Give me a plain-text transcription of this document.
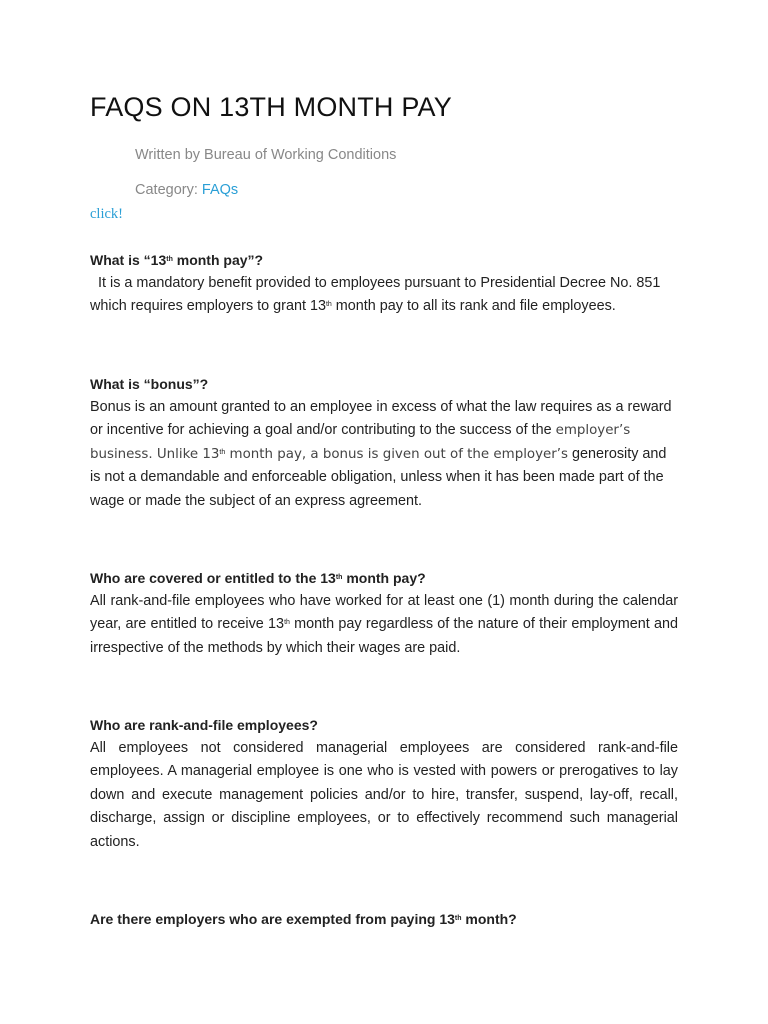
FAQS ON 13TH MONTH PAY
Written by Bureau of Working Conditions
Category: FAQs
click!

What is “13th month pay”?

It is a mandatory benefit provided to employees pursuant to Presidential Decree No. 851 which requires employers to grant 13th month pay to all its rank and file employees.

What is “bonus”?

Bonus is an amount granted to an employee in excess of what the law requires as a reward or incentive for achieving a goal and/or contributing to the success of the employer’s business. Unlike 13th month pay, a bonus is given out of the employer’s generosity and is not a demandable and enforceable obligation, unless when it has been made part of the wage or made the subject of an express agreement.

Who are covered or entitled to the 13th month pay?

All rank-and-file employees who have worked for at least one (1) month during the calendar year, are entitled to receive 13th month pay regardless of the nature of their employment and irrespective of the methods by which their wages are paid.

Who are rank-and-file employees?

All employees not considered managerial employees are considered rank-and-file employees. A managerial employee is one who is vested with powers or prerogatives to lay down and execute management policies and/or to hire, transfer, suspend, lay-off, recall, discharge, assign or discipline employees, or to effectively recommend such managerial actions.

Are there employers who are exempted from paying 13th month?
